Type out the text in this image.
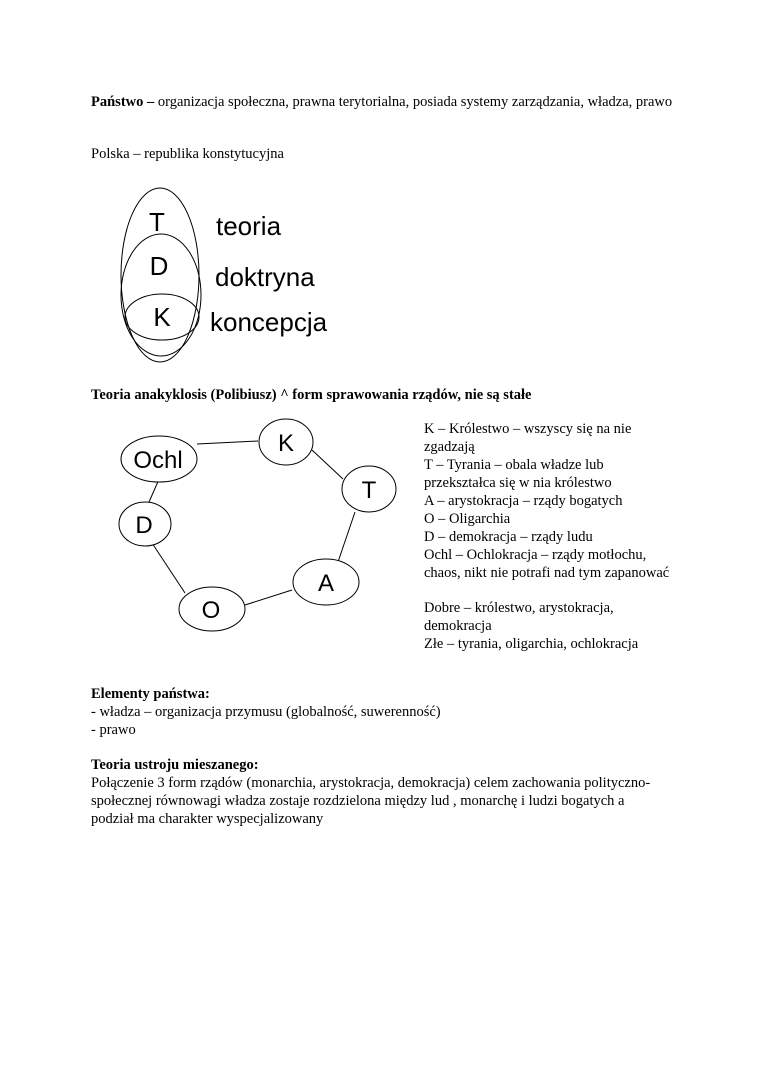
Państwo – organizacja społeczna, prawna terytorialna, posiada systemy zarządzania, władza, prawo
Polska – republika konstytucyjna
T
D
K
teoria
doktryna
koncepcja
Teoria anakyklosis (Polibiusz) ^ form sprawowania rządów, nie są stałe
K
T
A
O
D
Ochl
K – Królestwo – wszyscy się na nie zgadzają
T – Tyrania – obala władze lub przekształca się w nia królestwo
A – arystokracja – rządy bogatych
O – Oligarchia
D – demokracja – rządy ludu
Ochl – Ochlokracja – rządy motłochu, chaos, nikt nie potrafi nad tym zapanować
Dobre – królestwo, arystokracja, demokracja
Złe – tyrania, oligarchia, ochlokracja
Elementy państwa:
- władza – organizacja przymusu (globalność, suwerenność)
- prawo
Teoria ustroju mieszanego:
Połączenie 3 form rządów (monarchia, arystokracja, demokracja) celem zachowania polityczno-społecznej równowagi władza zostaje rozdzielona między lud , monarchę i ludzi bogatych a podział ma charakter wyspecjalizowany
